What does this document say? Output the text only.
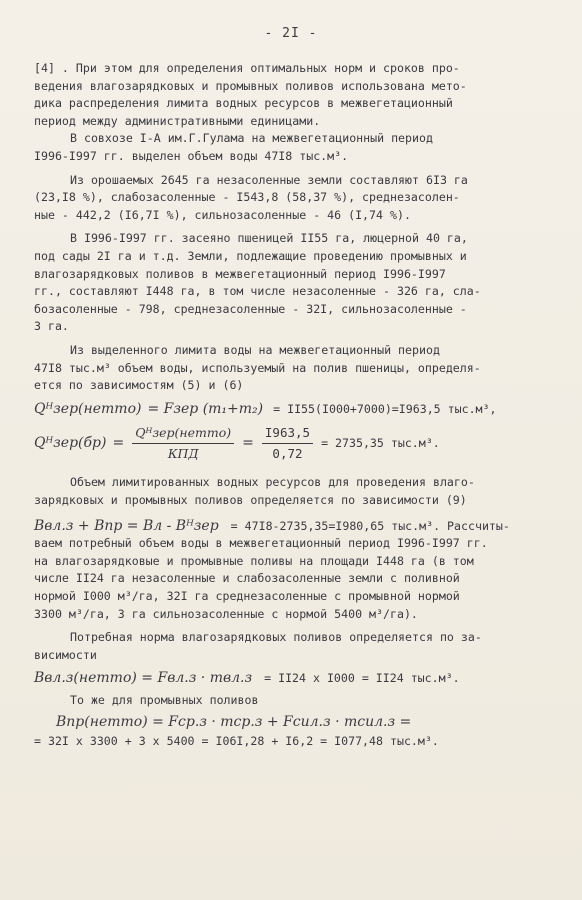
- 2I -
[4] . При этом для определения оптимальных норм и сроков про-
ведения влагозарядковых и промывных поливов использована мето-
дика распределения лимита водных ресурсов в межвегетационный
период между административными единицами.
В совхозе I-А им.Г.Гулама на межвегетационный период
I996-I997 гг. выделен объем воды 47I8 тыс.м³.
Из орошаемых 2645 га незасоленные земли составляют 6I3 га
(23,I8 %), слабозасоленные - I543,8 (58,37 %), среднезасолен-
ные - 442,2 (I6,7I %), сильнозасоленные - 46 (I,74 %).
В I996-I997 гг. засеяно пшеницей II55 га, люцерной 40 га,
под сады 2I га и т.д. Земли, подлежащие проведению промывных и
влагозарядковых поливов в межвегетационный период I996-I997
гг., составляют I448 га, в том числе незасоленные - 326 га, сла-
бозасоленные - 798, среднезасоленные - 32I, сильнозасоленные -
3 га.
Из выделенного лимита воды на межвегетационный период
47I8 тыс.м³ объем воды, используемый на полив пшеницы, определя-
ется по зависимостям (5) и (6)
Qᴴзер(нетто) = Fзер (m₁+m₂) = II55(I000+7000)=I963,5 тыс.м³,
Qᴴзер(бр) = $\frac{\text{Qᴴзер(нетто)}}{\text{КПД}} = \frac{I963,5}{0,72} = 2735,35$ тыс.м³.
Объем лимитированных водных ресурсов для проведения влаго-
зарядковых и промывных поливов определяется по зависимости (9)
Bвл.з + Bпр = Bл - Bᴴзер = 47I8-2735,35=I980,65 тыс.м³. Рассчиты-
ваем потребный объем воды в межвегетационный период I996-I997 гг.
на влагозарядковые и промывные поливы на площади I448 га (в том
числе II24 га незасоленные и слабозасоленные земли с поливной
нормой I000 м³/га, 32I га среднезасоленные с промывной нормой
3300 м³/га, 3 га сильнозасоленные с нормой 5400 м³/га).
Потребная норма влагозарядковых поливов определяется по за-
висимости
Bвл.з(нетто) = Fвл.з · mвл.з = II24 x I000 = II24 тыс.м³.
То же для промывных поливов
Bпр(нетто) = Fср.з · mср.з + Fсил.з · mсил.з =
= 32I x 3300 + 3 x 5400 = I06I,28 + I6,2 = I077,48 тыс.м³.
